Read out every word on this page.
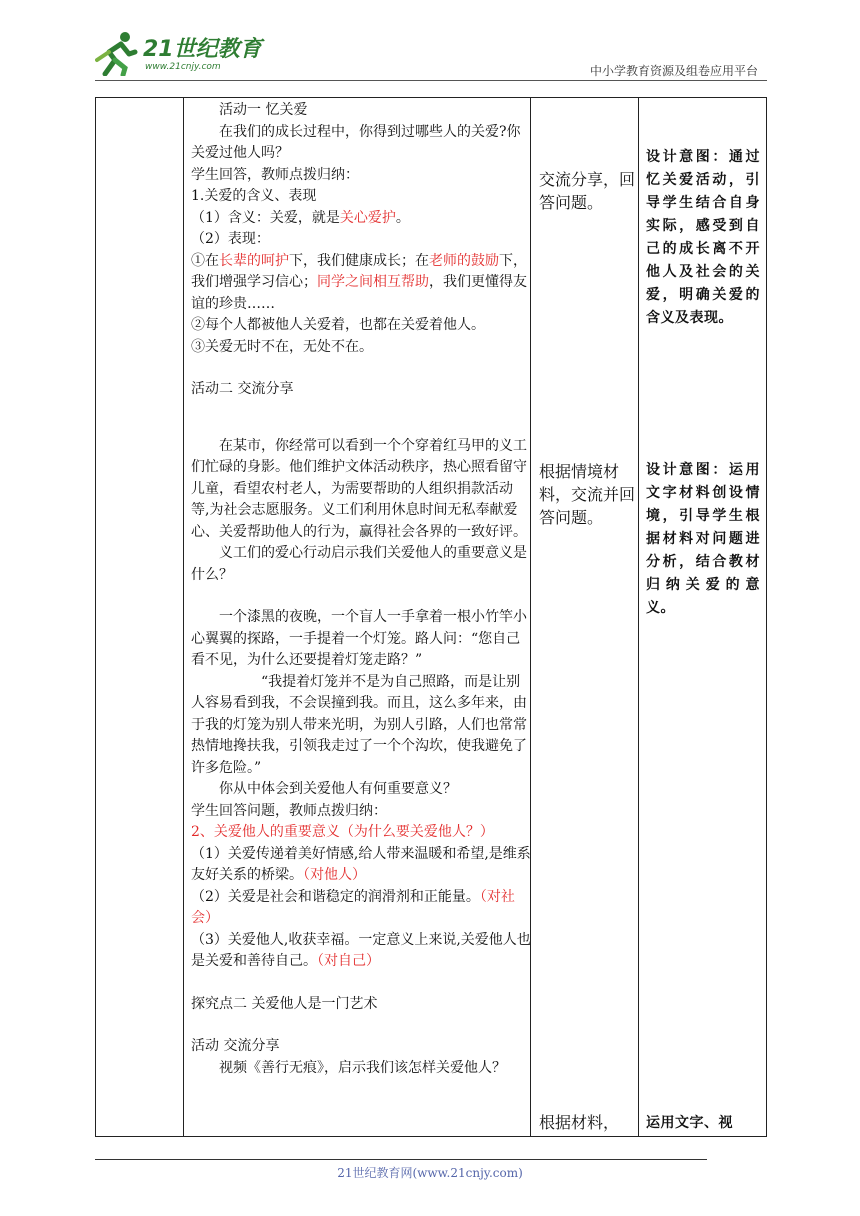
21世纪教育
www.21cnjy.com	中小学教育资源及组卷应用平台

活动一 忆关爱

在我们的成长过程中，你得到过哪些人的关爱?你关爱过他人吗？

学生回答，教师点拨归纳：

1.关爱的含义、表现

（1）含义：关爱，就是关心爱护。

（2）表现：

①在长辈的呵护下，我们健康成长；在老师的鼓励下，我们增强学习信心；同学之间相互帮助，我们更懂得友谊的珍贵……

②每个人都被他人关爱着，也都在关爱着他人。

③关爱无时不在，无处不在。

活动二 交流分享

在某市，你经常可以看到一个个穿着红马甲的义工们忙碌的身影。他们维护文体活动秩序，热心照看留守儿童，看望农村老人，为需要帮助的人组织捐款活动等,为社会志愿服务。义工们利用休息时间无私奉献爱心、关爱帮助他人的行为，赢得社会各界的一致好评。

义工们的爱心行动启示我们关爱他人的重要意义是什么？

一个漆黑的夜晚，一个盲人一手拿着一根小竹竿小心翼翼的探路，一手提着一个灯笼。路人问：“您自己看不见，为什么还要提着灯笼走路？”

“我提着灯笼并不是为自己照路，而是让别人容易看到我，不会误撞到我。而且，这么多年来，由于我的灯笼为别人带来光明，为别人引路，人们也常常热情地搀扶我，引领我走过了一个个沟坎，使我避免了许多危险。”

你从中体会到关爱他人有何重要意义？

学生回答问题，教师点拨归纳：

2、关爱他人的重要意义（为什么要关爱他人？）

（1）关爱传递着美好情感,给人带来温暖和希望,是维系友好关系的桥梁。（对他人）

（2）关爱是社会和谐稳定的润滑剂和正能量。（对社会）

（3）关爱他人,收获幸福。一定意义上来说,关爱他人也是关爱和善待自己。（对自己）

探究点二 关爱他人是一门艺术

活动 交流分享

视频《善行无痕》，启示我们该怎样关爱他人？

交流分享，回答问题。
根据情境材料，交流并回答问题。
根据材料，
设计意图：通过忆关爱活动，引导学生结合自身实际，感受到自己的成长离不开他人及社会的关爱，明确关爱的含义及表现。
设计意图：运用文字材料创设情境，引导学生根据材料对问题进分析，结合教材归纳关爱的意义。
运用文字、视
21世纪教育网(www.21cnjy.com)
